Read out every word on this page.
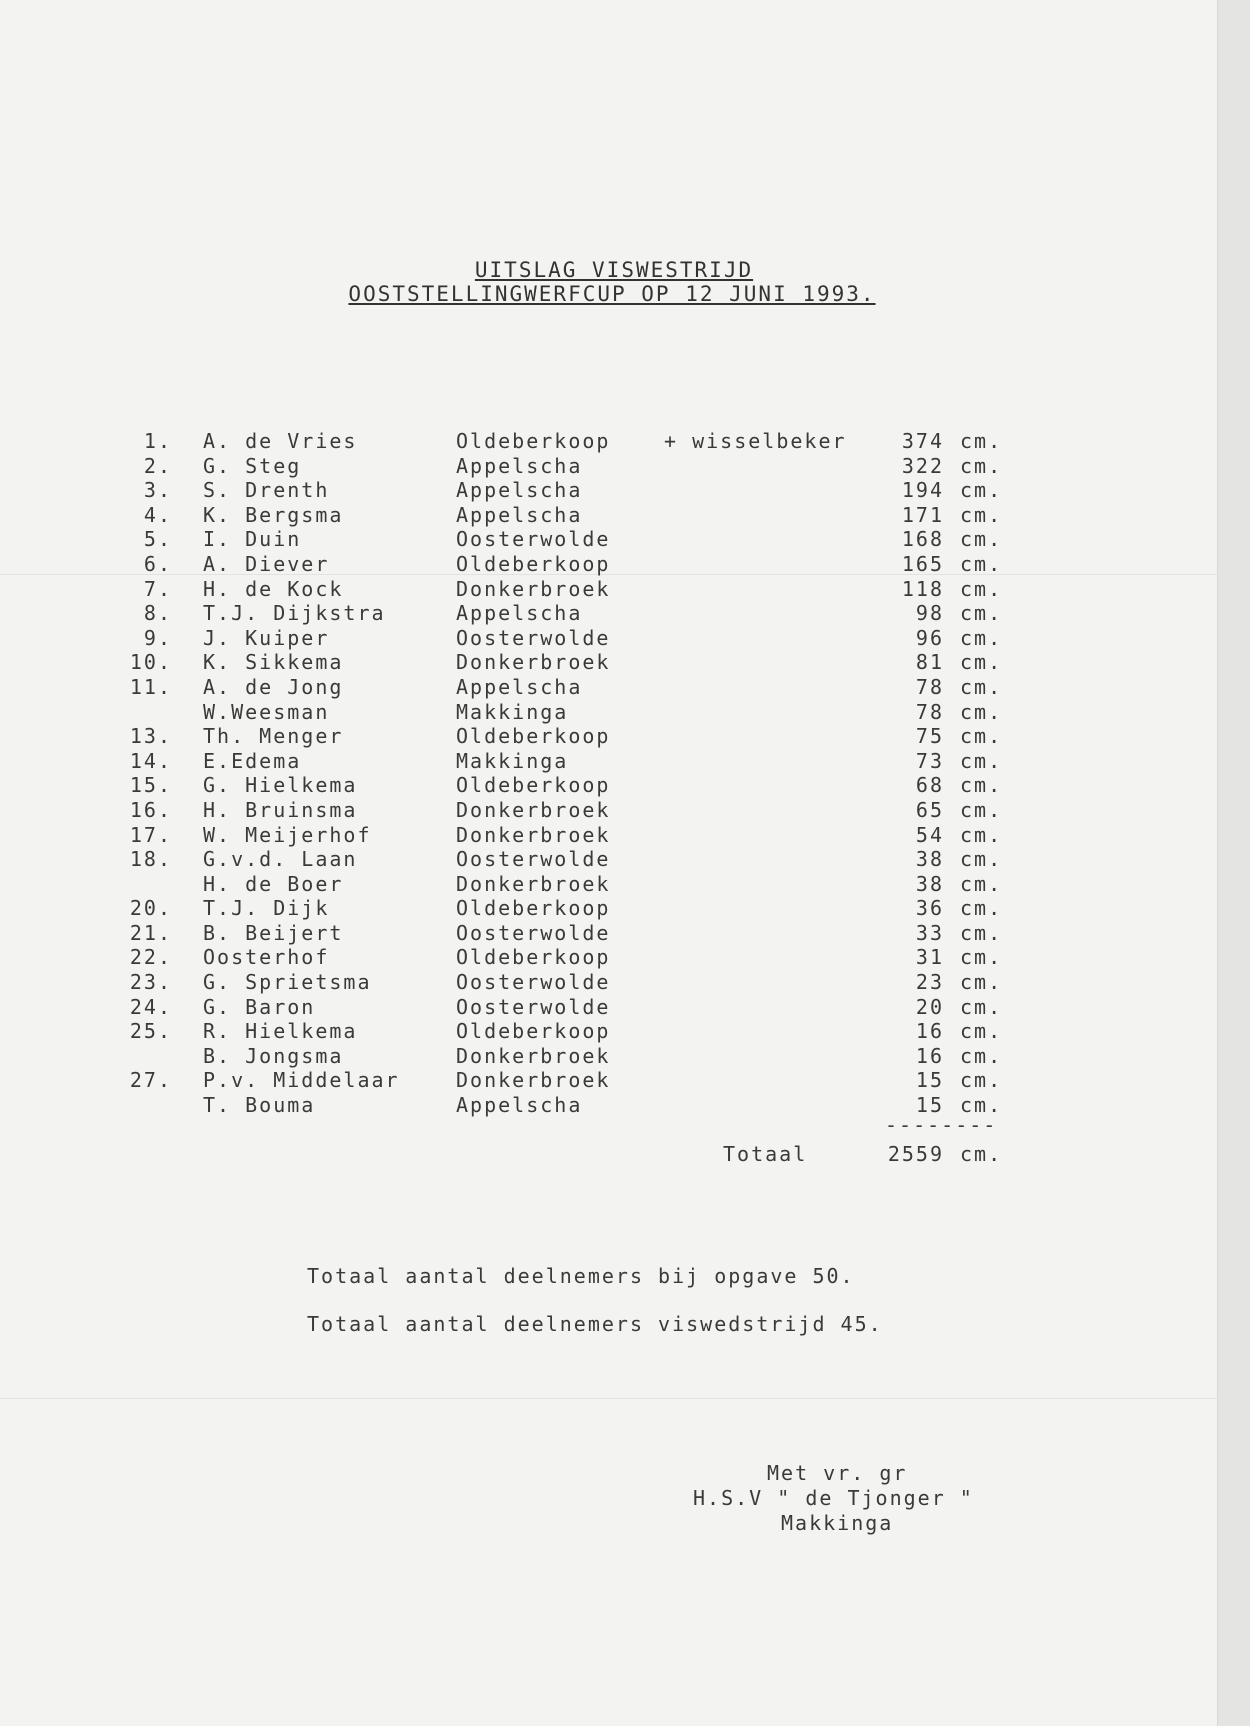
UITSLAG VISWESTRIJD
OOSTSTELLINGWERFCUP OP 12 JUNI 1993.
1. A. de Vries	Oldeberkoop	+ wisselbeker	374 cm.
2. G. Steg	Appelscha	322 cm.
3. S. Drenth	Appelscha	194 cm.
4. K. Bergsma	Appelscha	171 cm.
5. I. Duin	Oosterwolde	168 cm.
6. A. Diever	Oldeberkoop	165 cm.
7. H. de Kock	Donkerbroek	118 cm.
8. T.J. Dijkstra	Appelscha	98 cm.
9. J. Kuiper	Oosterwolde	96 cm.
10. K. Sikkema	Donkerbroek	81 cm.
11. A. de Jong	Appelscha	78 cm.
W.Weesman	Makkinga	78 cm.
13. Th. Menger	Oldeberkoop	75 cm.
14. E.Edema	Makkinga	73 cm.
15. G. Hielkema	Oldeberkoop	68 cm.
16. H. Bruinsma	Donkerbroek	65 cm.
17. W. Meijerhof	Donkerbroek	54 cm.
18. G.v.d. Laan	Oosterwolde	38 cm.
H. de Boer	Donkerbroek	38 cm.
20. T.J. Dijk	Oldeberkoop	36 cm.
21. B. Beijert	Oosterwolde	33 cm.
22. Oosterhof	Oldeberkoop	31 cm.
23. G. Sprietsma	Oosterwolde	23 cm.
24. G. Baron	Oosterwolde	20 cm.
25. R. Hielkema	Oldeberkoop	16 cm.
B. Jongsma	Donkerbroek	16 cm.
27. P.v. Middelaar	Donkerbroek	15 cm.
T. Bouma	Appelscha	15 cm.
--------
Totaal	2559 cm.
Totaal aantal deelnemers bij opgave 50.
Totaal aantal deelnemers viswedstrijd 45.
Met vr. gr
H.S.V " de Tjonger "
Makkinga
